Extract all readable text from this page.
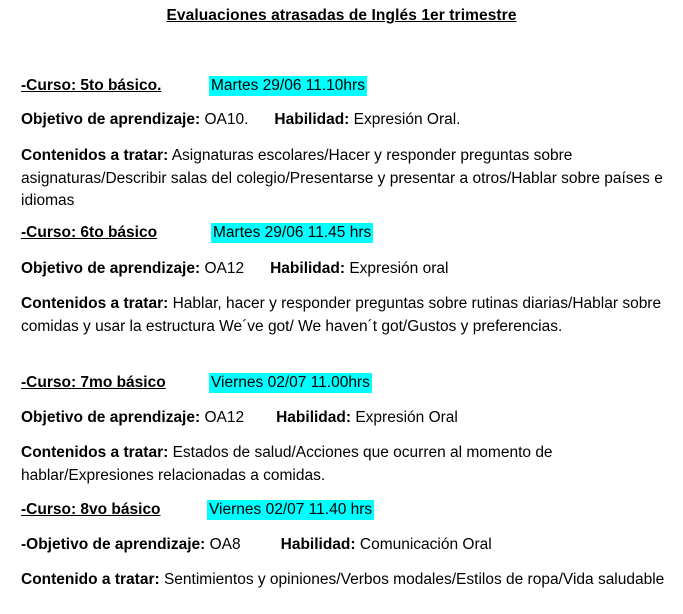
Evaluaciones atrasadas de Inglés 1er trimestre
-Curso: 5to básico.	Martes 29/06 11.10hrs
Objetivo de aprendizaje: OA10. Habilidad: Expresión Oral.
Contenidos a tratar: Asignaturas escolares/Hacer y responder preguntas sobre asignaturas/Describir salas del colegio/Presentarse y presentar a otros/Hablar sobre países e idiomas
-Curso: 6to básico	Martes 29/06 11.45 hrs
Objetivo de aprendizaje: OA12 Habilidad: Expresión oral
Contenidos a tratar: Hablar, hacer y responder preguntas sobre rutinas diarias/Hablar sobre comidas y usar la estructura We´ve got/ We haven´t got/Gustos y preferencias.
-Curso: 7mo básico	Viernes 02/07 11.00hrs
Objetivo de aprendizaje: OA12 Habilidad: Expresión Oral
Contenidos a tratar: Estados de salud/Acciones que ocurren al momento de hablar/Expresiones relacionadas a comidas.
-Curso: 8vo básico	Viernes 02/07 11.40 hrs
-Objetivo de aprendizaje: OA8	Habilidad: Comunicación Oral
Contenido a tratar: Sentimientos y opiniones/Verbos modales/Estilos de ropa/Vida saludable
